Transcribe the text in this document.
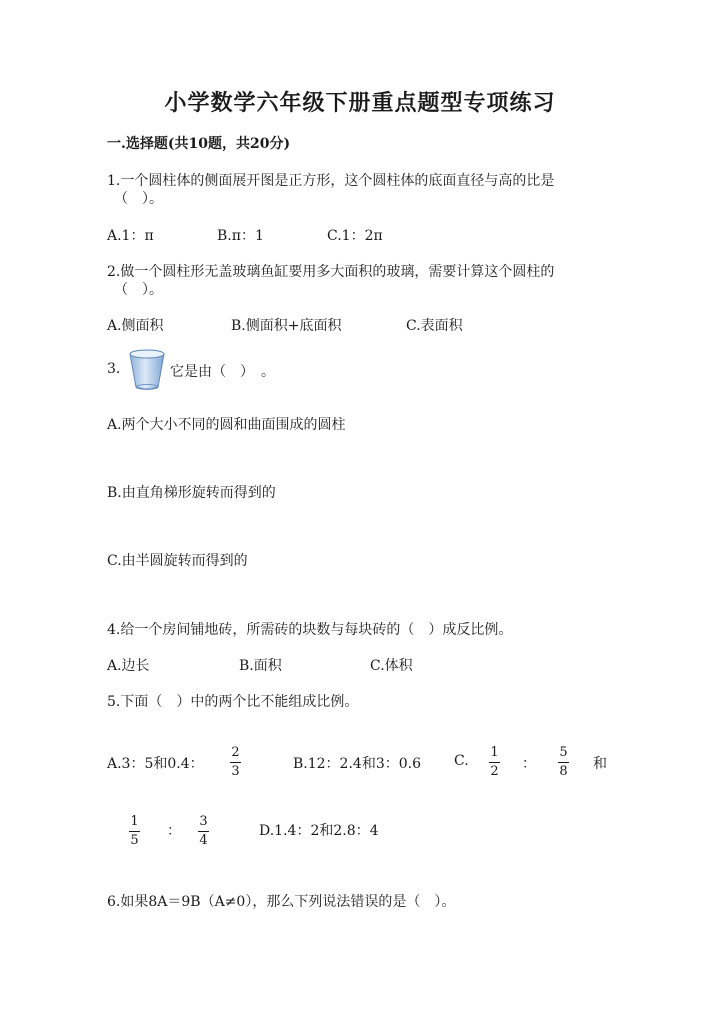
小学数学六年级下册重点题型专项练习
一.选择题(共10题，共20分)
1.一个圆柱体的侧面展开图是正方形，这个圆柱体的底面直径与高的比是
（　）。
A.1：π	B.π：1	C.1：2π
2.做一个圆柱形无盖玻璃鱼缸要用多大面积的玻璃，需要计算这个圆柱的
（　）。
A.侧面积	B.侧面积+底面积	C.表面积
3.	它是由（　）　。
A.两个大小不同的圆和曲面围成的圆柱
B.由直角梯形旋转而得到的
C.由半圆旋转而得到的
4.给一个房间铺地砖，所需砖的块数与每块砖的（　）成反比例。
A.边长	B.面积	C.体积
5.下面（　）中的两个比不能组成比例。
A.3：5和0.4：
2
3	B.12：2.4和3：0.6 C.
1
2 ：
5
8 和
1
5
：
3
4
D.1.4：2和2.8：4
6.如果8A＝9B（A≠0），那么下列说法错误的是（　）。
